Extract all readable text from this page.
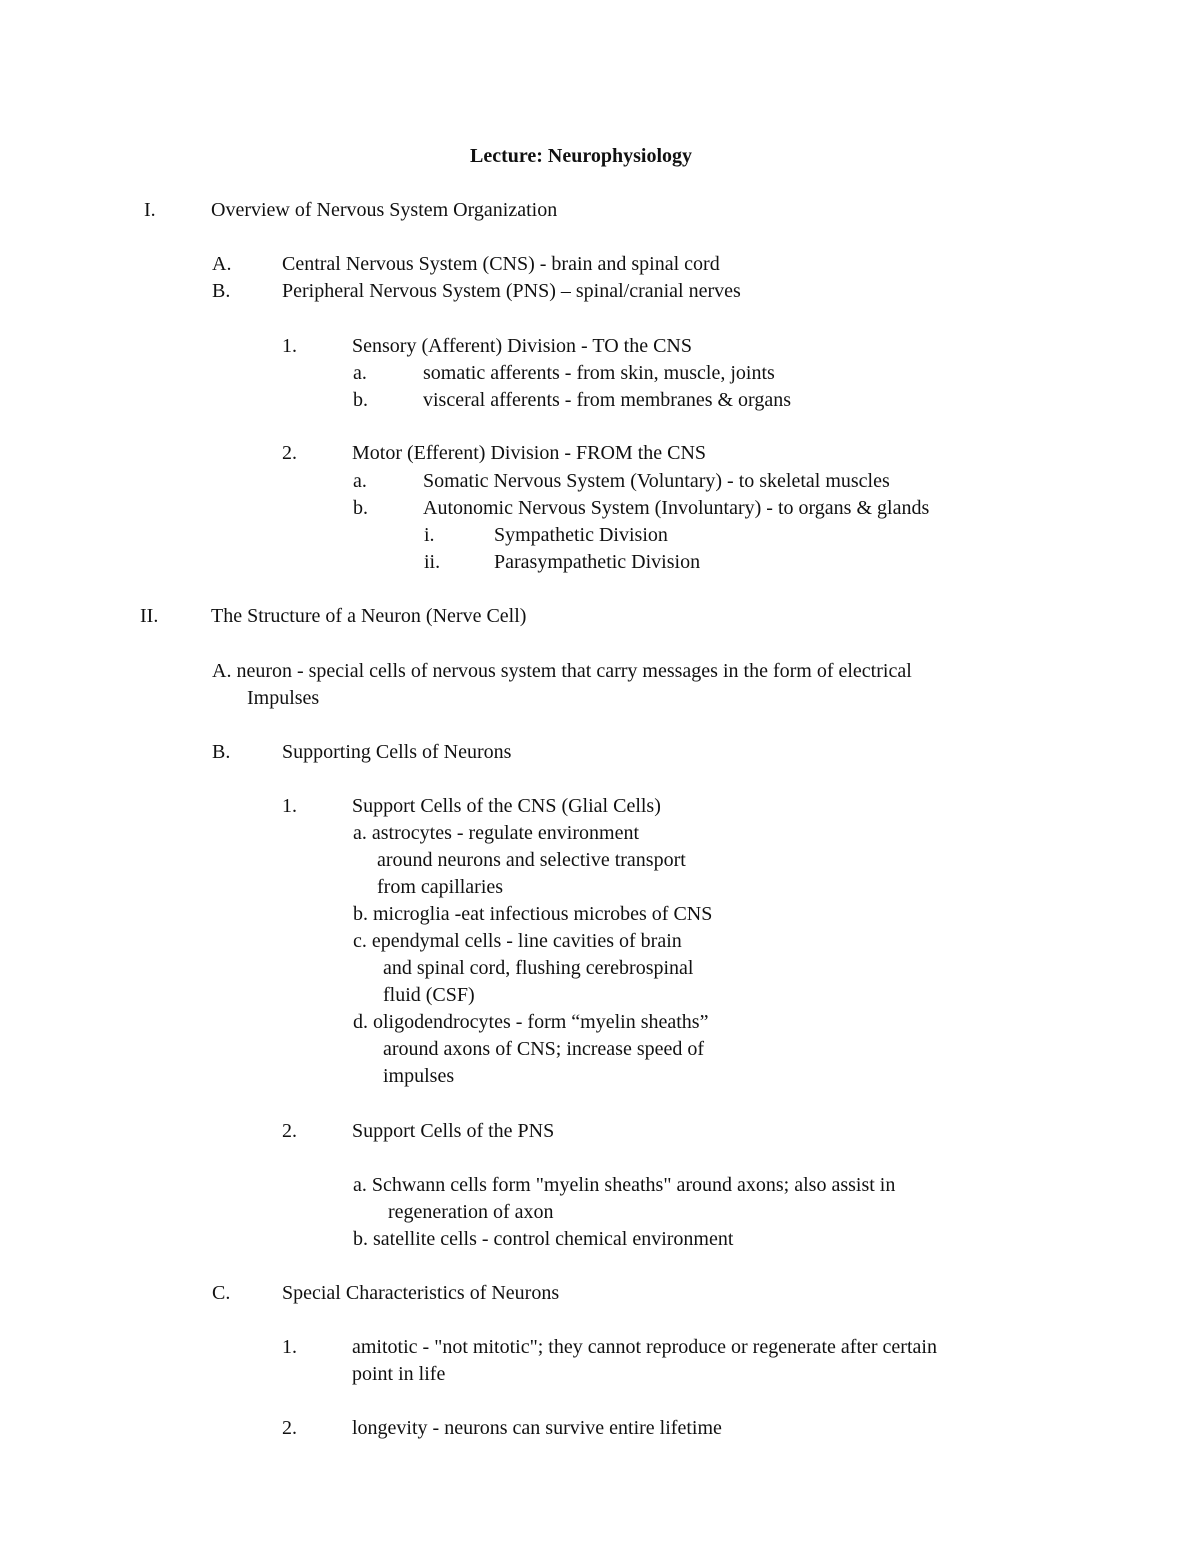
Lecture: Neurophysiology
I.	Overview of Nervous System Organization
A.	Central Nervous System (CNS) - brain and spinal cord
B.	Peripheral Nervous System (PNS) – spinal/cranial nerves
1.	Sensory (Afferent) Division - TO the CNS
a.	somatic afferents - from skin, muscle, joints
b.	visceral afferents - from membranes & organs
2.	Motor (Efferent) Division - FROM the CNS
a.	Somatic Nervous System (Voluntary) - to skeletal muscles
b.	Autonomic Nervous System (Involuntary) - to organs & glands
i.	Sympathetic Division
ii.	Parasympathetic Division
II.	The Structure of a Neuron (Nerve Cell)
A. neuron - special cells of nervous system that carry messages in the form of electrical
Impulses
B.	Supporting Cells of Neurons
1.	Support Cells of the CNS (Glial Cells)
a. astrocytes - regulate environment
around neurons and selective transport
from capillaries
b. microglia -eat infectious microbes of CNS
c. ependymal cells - line cavities of brain
and spinal cord, flushing cerebrospinal
fluid (CSF)
d. oligodendrocytes - form “myelin sheaths”
around axons of CNS; increase speed of
impulses
2.	Support Cells of the PNS
a. Schwann cells form "myelin sheaths" around axons; also assist in
regeneration of axon
b. satellite cells - control chemical environment
C.	Special Characteristics of Neurons
1.	amitotic - "not mitotic"; they cannot reproduce or regenerate after certain
point in life
2.	longevity - neurons can survive entire lifetime
